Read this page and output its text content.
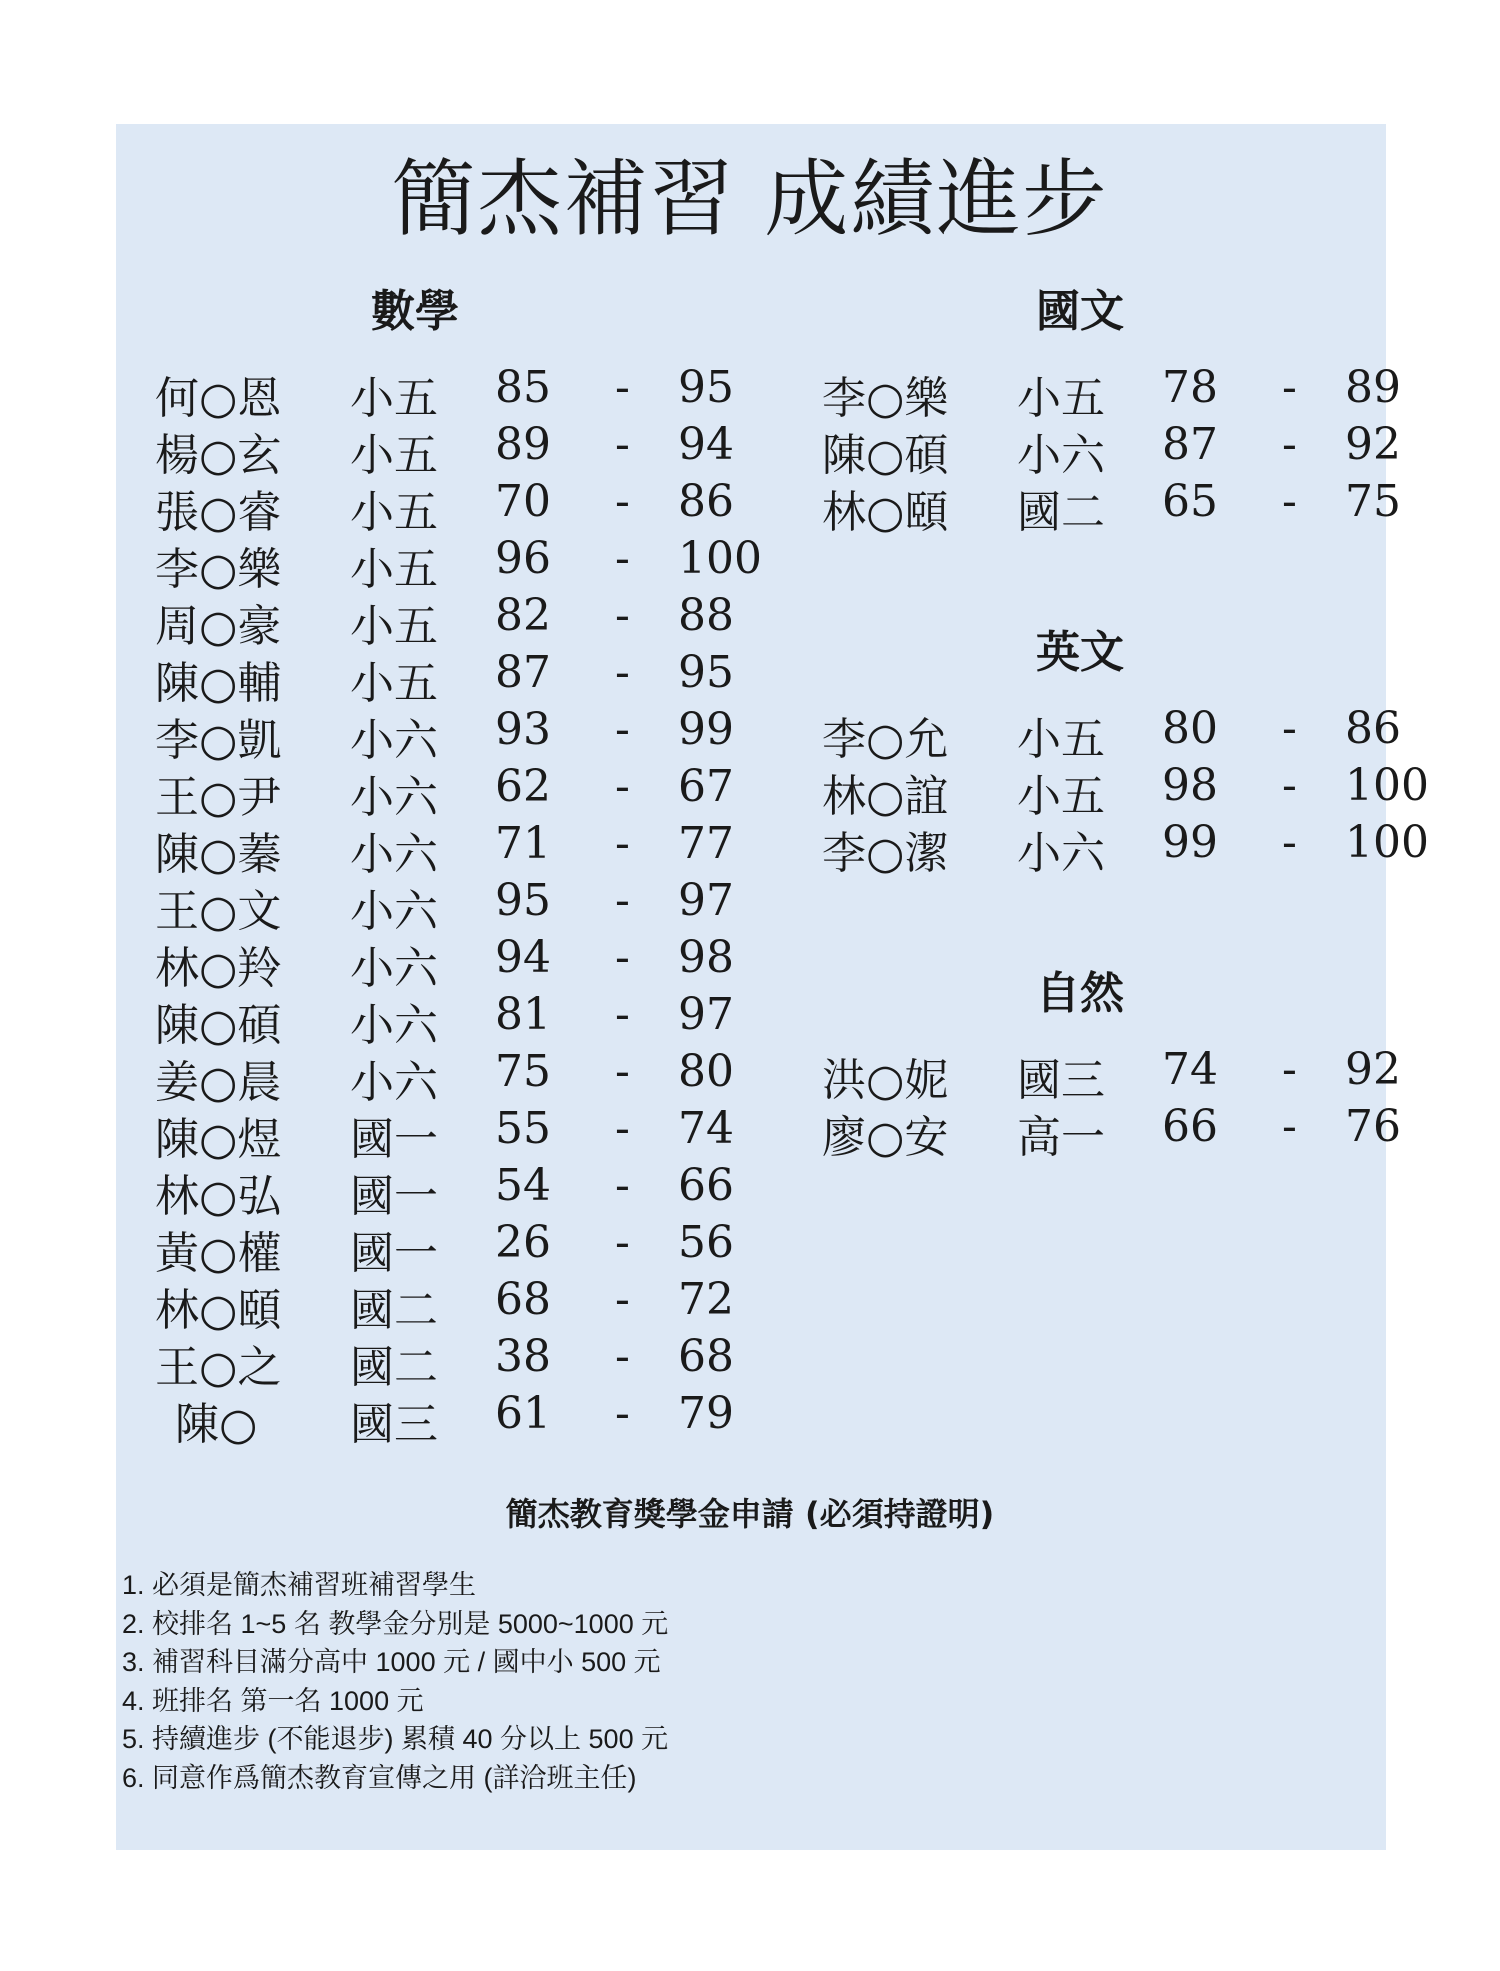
簡杰補習 成績進步
數學	國文
英文
自然
何○恩 小五 85 - 95
楊○玄 小五 89 - 94
張○睿 小五 70 - 86
李○樂 小五 96 - 100
周○豪 小五 82 - 88
陳○輔 小五 87 - 95
李○凱 小六 93 - 99
王○尹 小六 62 - 67
陳○蓁 小六 71 - 77
王○文 小六 95 - 97
林○羚 小六 94 - 98
陳○碩 小六 81 - 97
姜○晨 小六 75 - 80
陳○煜 國一 55 - 74
林○弘 國一 54 - 66
黃○權 國一 26 - 56
林○頤 國二 68 - 72
王○之 國二 38 - 68
陳○ 國三 61 - 79
李○樂 小五 78 - 89
陳○碩 小六 87 - 92
林○頤 國二 65 - 75
李○允 小五 80 - 86
林○誼 小五 98 - 100
李○潔 小六 99 - 100
洪○妮 國三 74 - 92
廖○安 高一 66 - 76
簡杰教育獎學金申請 (必須持證明)
1. 必須是簡杰補習班補習學生
2. 校排名 1~5 名 教學金分別是 5000~1000 元
3. 補習科目滿分高中 1000 元 / 國中小 500 元
4. 班排名 第一名 1000 元
5. 持續進步 (不能退步) 累積 40 分以上 500 元
6. 同意作爲簡杰教育宣傳之用 (詳洽班主任)
